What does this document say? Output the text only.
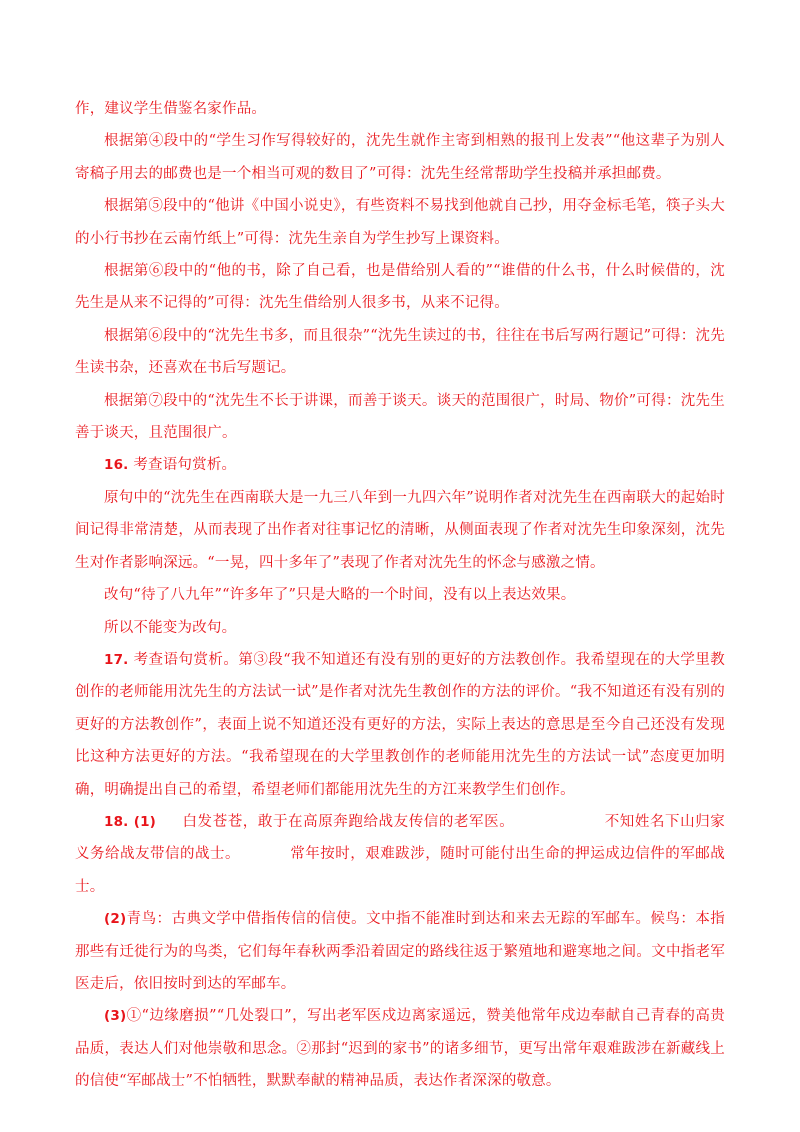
作，建议学生借鉴名家作品。

根据第④段中的“学生习作写得较好的，沈先生就作主寄到相熟的报刊上发表”“他这辈子为别人寄稿子用去的邮费也是一个相当可观的数目了”可得：沈先生经常帮助学生投稿并承担邮费。

根据第⑤段中的“他讲《中国小说史》，有些资料不易找到他就自己抄，用夺金标毛笔，筷子头大的小行书抄在云南竹纸上”可得：沈先生亲自为学生抄写上课资料。

根据第⑥段中的“他的书，除了自己看，也是借给别人看的”“谁借的什么书，什么时候借的，沈先生是从来不记得的”可得：沈先生借给别人很多书，从来不记得。

根据第⑥段中的“沈先生书多，而且很杂”“沈先生读过的书，往往在书后写两行题记”可得：沈先生读书杂，还喜欢在书后写题记。

根据第⑦段中的“沈先生不长于讲课，而善于谈天。谈天的范围很广，时局、物价”可得：沈先生善于谈天，且范围很广。

16. 考查语句赏析。

原句中的“沈先生在西南联大是一九三八年到一九四六年”说明作者对沈先生在西南联大的起始时间记得非常清楚，从而表现了出作者对往事记忆的清晰，从侧面表现了作者对沈先生印象深刻，沈先生对作者影响深远。“一晃，四十多年了”表现了作者对沈先生的怀念与感激之情。

改句“待了八九年”“许多年了”只是大略的一个时间，没有以上表达效果。

所以不能变为改句。

17. 考查语句赏析。第③段“我不知道还有没有别的更好的方法教创作。我希望现在的大学里教创作的老师能用沈先生的方法试一试”是作者对沈先生教创作的方法的评价。“我不知道还有没有别的更好的方法教创作”，表面上说不知道还没有更好的方法，实际上表达的意思是至今自己还没有发现比这种方法更好的方法。“我希望现在的大学里教创作的老师能用沈先生的方法试一试”态度更加明确，明确提出自己的希望，希望老师们都能用沈先生的方江来教学生们创作。

18. (1) 白发苍苍，敢于在高原奔跑给战友传信的老军医。	不知姓名下山归家义务给战友带信的战士。	常年按时，艰难跋涉，随时可能付出生命的押运成边信件的军邮战士。

(2)青鸟：古典文学中借指传信的信使。文中指不能准时到达和来去无踪的军邮车。候鸟：本指那些有迁徙行为的鸟类，它们每年春秋两季沿着固定的路线往返于繁殖地和避寒地之间。文中指老军医走后，依旧按时到达的军邮车。

(3)①“边缘磨损”“几处裂口”，写出老军医戍边离家遥远，赞美他常年戍边奉献自己青春的高贵品质，表达人们对他崇敬和思念。②那封“迟到的家书”的诸多细节，更写出常年艰难跋涉在新藏线上的信使“军邮战士”不怕牺牲，默默奉献的精神品质，表达作者深深的敬意。
